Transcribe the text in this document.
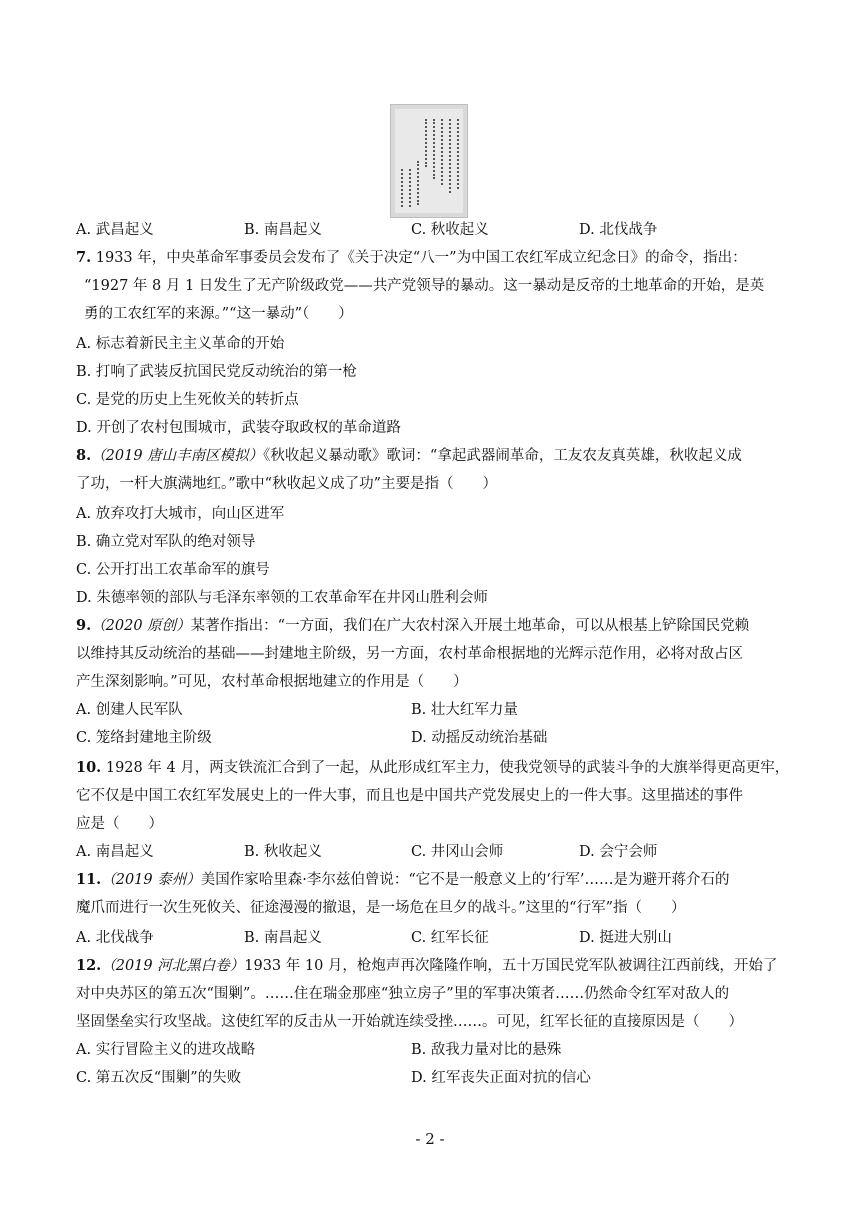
A. 武昌起义	B. 南昌起义	C. 秋收起义	D. 北伐战争
7. 1933 年，中央革命军事委员会发布了《关于决定“八一”为中国工农红军成立纪念日》的命令，指出：
“1927 年 8 月 1 日发生了无产阶级政党——共产党领导的暴动。这一暴动是反帝的土地革命的开始，是英
勇的工农红军的来源。”“这一暴动”（　　）
A. 标志着新民主主义革命的开始
B. 打响了武装反抗国民党反动统治的第一枪
C. 是党的历史上生死攸关的转折点
D. 开创了农村包围城市，武装夺取政权的革命道路
8.（2019 唐山丰南区模拟）《秋收起义暴动歌》歌词：“拿起武器闹革命，工友农友真英雄，秋收起义成
了功，一杆大旗满地红。”歌中“秋收起义成了功”主要是指（　　）
A. 放弃攻打大城市，向山区进军
B. 确立党对军队的绝对领导
C. 公开打出工农革命军的旗号
D. 朱德率领的部队与毛泽东率领的工农革命军在井冈山胜利会师
9.（2020 原创）某著作指出：“一方面，我们在广大农村深入开展土地革命，可以从根基上铲除国民党赖
以维持其反动统治的基础——封建地主阶级，另一方面，农村革命根据地的光辉示范作用，必将对敌占区
产生深刻影响。”可见，农村革命根据地建立的作用是（　　）
A. 创建人民军队	B. 壮大红军力量
C. 笼络封建地主阶级	D. 动摇反动统治基础
10. 1928 年 4 月，两支铁流汇合到了一起，从此形成红军主力，使我党领导的武装斗争的大旗举得更高更牢，
它不仅是中国工农红军发展史上的一件大事，而且也是中国共产党发展史上的一件大事。这里描述的事件
应是（　　）
A. 南昌起义	B. 秋收起义	C. 井冈山会师	D. 会宁会师
11.（2019 泰州）美国作家哈里森·李尔兹伯曾说：“它不是一般意义上的‘行军’……是为避开蒋介石的
魔爪而进行一次生死攸关、征途漫漫的撤退，是一场危在旦夕的战斗。”这里的“行军”指（　　）
A. 北伐战争	B. 南昌起义	C. 红军长征	D. 挺进大别山
12.（2019 河北黑白卷）1933 年 10 月，枪炮声再次隆隆作响，五十万国民党军队被调往江西前线，开始了
对中央苏区的第五次“围剿”。……住在瑞金那座“独立房子”里的军事决策者……仍然命令红军对敌人的
坚固堡垒实行攻坚战。这使红军的反击从一开始就连续受挫……。可见，红军长征的直接原因是（　　）
A. 实行冒险主义的进攻战略	B. 敌我力量对比的悬殊
C. 第五次反“围剿”的失败	D. 红军丧失正面对抗的信心
- 2 -
